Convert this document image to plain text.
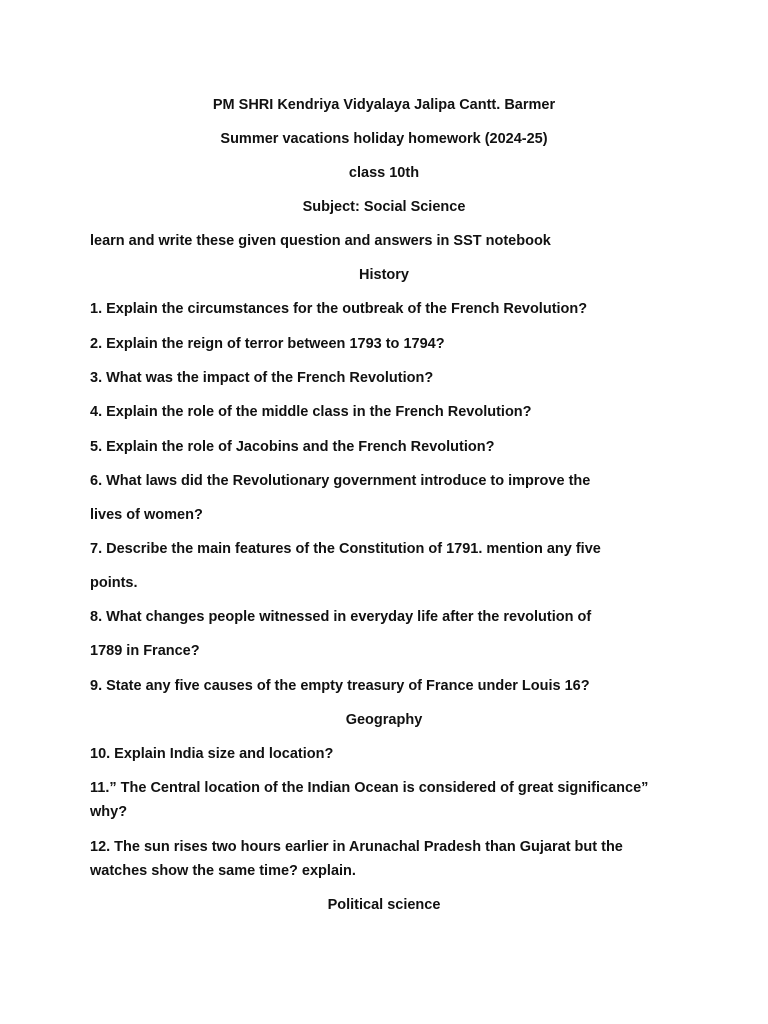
PM SHRI Kendriya Vidyalaya Jalipa Cantt. Barmer
Summer vacations holiday homework (2024-25)
class 10th
Subject: Social Science
learn and write these given question and answers in SST notebook
History
1. Explain the circumstances for the outbreak of the French Revolution?
2. Explain the reign of terror between 1793 to 1794?
3. What was the impact of the French Revolution?
4. Explain the role of the middle class in the French Revolution?
5. Explain the role of Jacobins and the French Revolution?
6. What laws did the Revolutionary government introduce to improve the
lives of women?
7. Describe the main features of the Constitution of 1791. mention any five
points.
8. What changes people witnessed in everyday life after the revolution of
1789 in France?
9. State any five causes of the empty treasury of France under Louis 16?
Geography
10. Explain India size and location?
11.” The Central location of the Indian Ocean is considered of great significance”
why?
12. The sun rises two hours earlier in Arunachal Pradesh than Gujarat but the
watches show the same time? explain.
Political science
